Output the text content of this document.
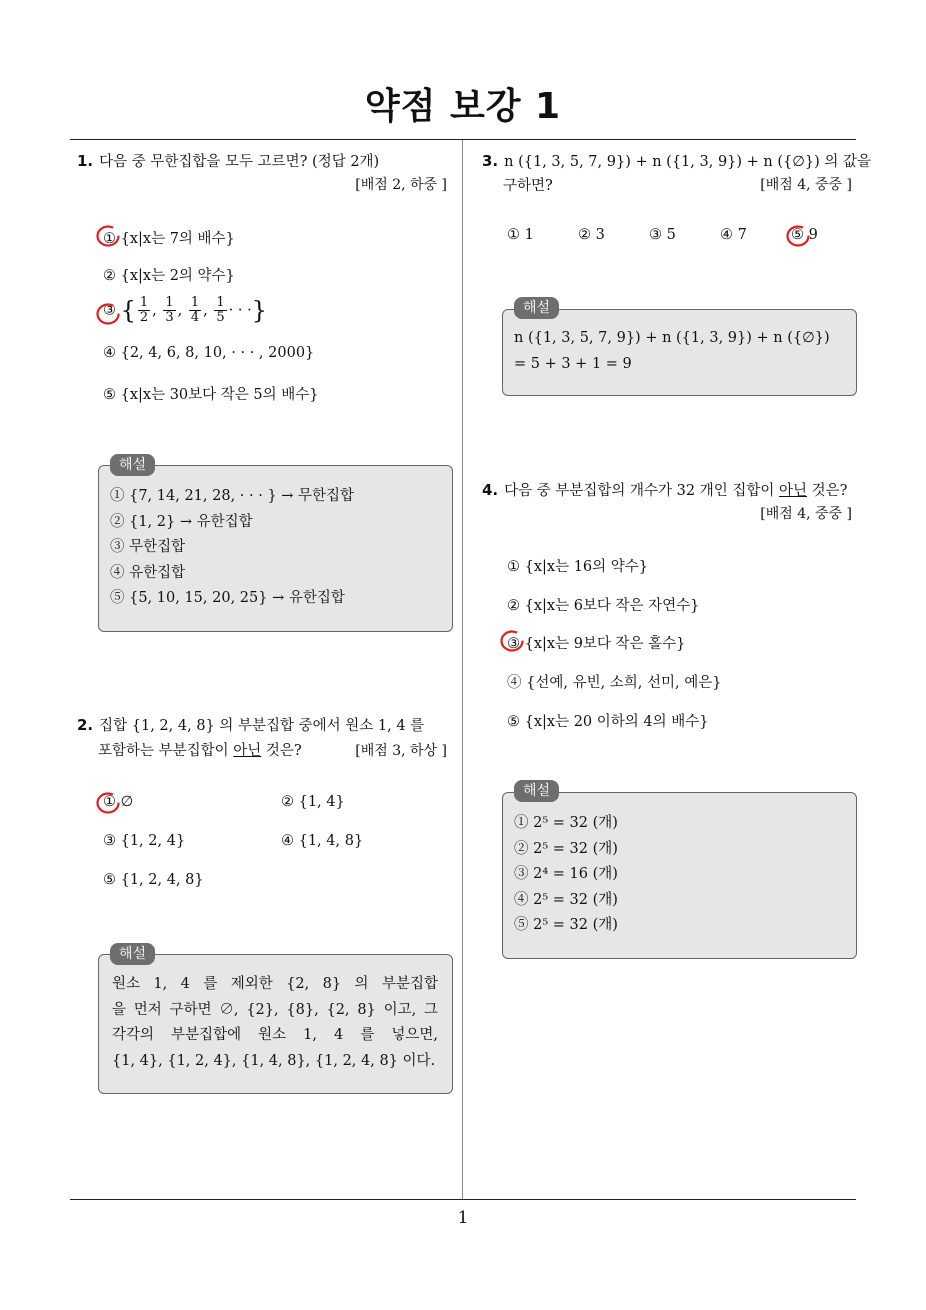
약점 보강 1
1
1. 다음 중 무한집합을 모두 고르면? (정답 2개)
[배점 2, 하중 ]
① {x|x는 7의 배수}
② {x|x는 2의 약수}
③ { $\frac{1}{2}$ , $\frac{1}{3}$ , $\frac{1}{4}$ , $\frac{1}{5}$ · · ·}
④ {2, 4, 6, 8, 10, · · · , 2000}
⑤ {x|x는 30보다 작은 5의 배수}
해설
① {7, 14, 21, 28, · · · } → 무한집합
② {1, 2} → 유한집합
③ 무한집합
④ 유한집합
⑤ {5, 10, 15, 20, 25} → 유한집합
2. 집합 {1, 2, 4, 8} 의 부분집합 중에서 원소 1, 4 를
포함하는 부분집합이 아닌 것은?	[배점 3, 하상 ]
① ∅	② {1, 4}
③ {1, 2, 4}	④ {1, 4, 8}
⑤ {1, 2, 4, 8}
해설
원소 1, 4 를 제외한 {2, 8} 의 부분집합
을 먼저 구하면 ∅, {2}, {8}, {2, 8} 이고, 그
각각의 부분집합에 원소 1, 4 를 넣으면,
{1, 4}, {1, 2, 4}, {1, 4, 8}, {1, 2, 4, 8} 이다.
3. n ({1, 3, 5, 7, 9}) + n ({1, 3, 9}) + n ({∅}) 의 값을
구하면?	[배점 4, 중중 ]
① 1	② 3	③ 5	④ 7	⑤ 9
해설
n ({1, 3, 5, 7, 9}) + n ({1, 3, 9}) + n ({∅})
= 5 + 3 + 1 = 9
4. 다음 중 부분집합의 개수가 32 개인 집합이 아닌 것은?
[배점 4, 중중 ]
① {x|x는 16의 약수}
② {x|x는 6보다 작은 자연수}
③ {x|x는 9보다 작은 홀수}
④ {선예, 유빈, 소희, 선미, 예은}
⑤ {x|x는 20 이하의 4의 배수}
해설
① 2⁵ = 32 (개)
② 2⁵ = 32 (개)
③ 2⁴ = 16 (개)
④ 2⁵ = 32 (개)
⑤ 2⁵ = 32 (개)
